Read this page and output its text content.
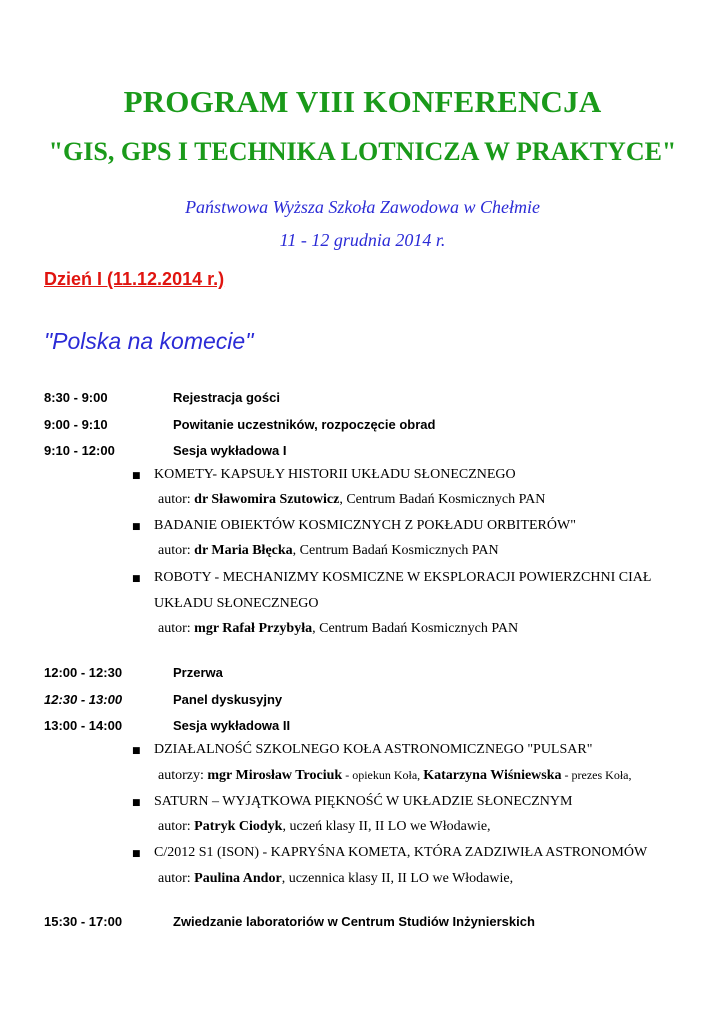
PROGRAM VIII KONFERENCJA
"GIS, GPS I TECHNIKA LOTNICZA W PRAKTYCE"
Państwowa Wyższa Szkoła Zawodowa w Chełmie
11 - 12 grudnia 2014 r.
Dzień I (11.12.2014 r.)
"Polska na komecie"
8:30 - 9:00	Rejestracja gości
9:00 - 9:10	Powitanie uczestników, rozpoczęcie obrad
9:10 - 12:00	Sesja wykładowa I
■ KOMETY- KAPSUŁY HISTORII UKŁADU SŁONECZNEGO
autor: dr Sławomira Szutowicz, Centrum Badań Kosmicznych PAN
■ BADANIE OBIEKTÓW KOSMICZNYCH Z POKŁADU ORBITERÓW"
autor: dr Maria Błęcka, Centrum Badań Kosmicznych PAN
■ ROBOTY - MECHANIZMY KOSMICZNE W EKSPLORACJI POWIERZCHNI CIAŁ
UKŁADU SŁONECZNEGO
autor: mgr Rafał Przybyła, Centrum Badań Kosmicznych PAN
12:00 - 12:30	Przerwa
12:30 - 13:00	Panel dyskusyjny
13:00 - 14:00	Sesja wykładowa II
■ DZIAŁALNOŚĆ SZKOLNEGO KOŁA ASTRONOMICZNEGO "PULSAR"
autorzy: mgr Mirosław Trociuk - opiekun Koła, Katarzyna Wiśniewska - prezes Koła,
■ SATURN – WYJĄTKOWA PIĘKNOŚĆ W UKŁADZIE SŁONECZNYM
autor: Patryk Ciodyk, uczeń klasy II, II LO we Włodawie,
■ C/2012 S1 (ISON) - KAPRYŚNA KOMETA, KTÓRA ZADZIWIŁA ASTRONOMÓW
autor: Paulina Andor, uczennica klasy II, II LO we Włodawie,
15:30 - 17:00	Zwiedzanie laboratoriów w Centrum Studiów Inżynierskich
